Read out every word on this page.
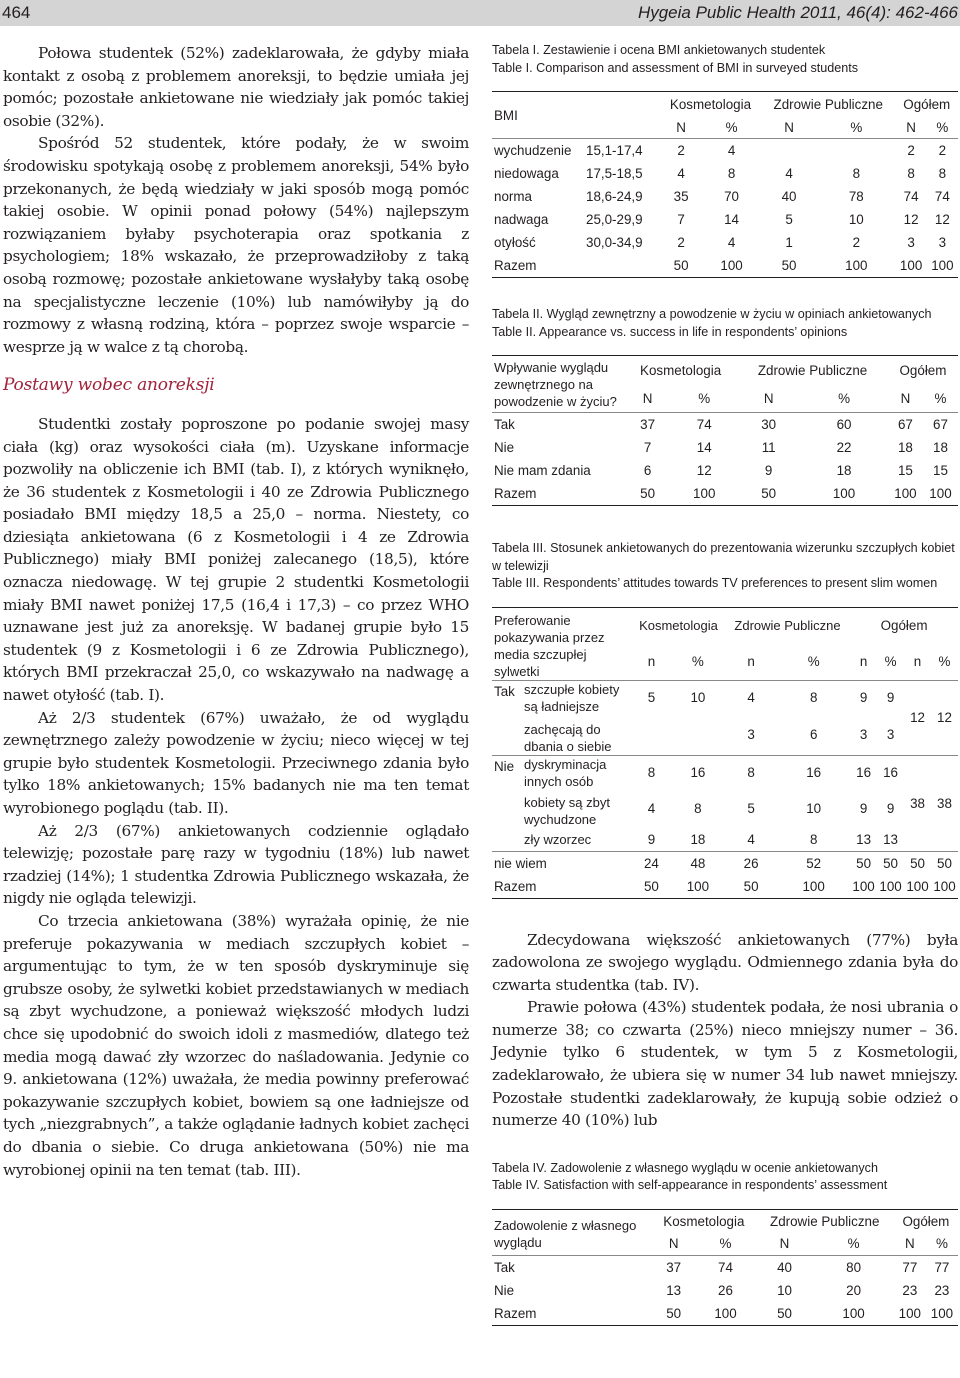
464	Hygeia Public Health 2011, 46(4): 462-466

Połowa studentek (52%) zadeklarowała, że gdyby miała kontakt z osobą z problemem anoreksji, to będzie umiała jej pomóc; pozostałe ankietowane nie wiedziały jak pomóc takiej osobie (32%).

Spośród 52 studentek, które podały, że w swoim środowisku spotykają osobę z problemem anoreksji, 54% było przekonanych, że będą wiedziały w jaki sposób mogą pomóc takiej osobie. W opinii ponad połowy (54%) najlepszym rozwiązaniem byłaby psychoterapia oraz spotkania z psychologiem; 18% wskazało, że przeprowadziłoby z taką osobą rozmowę; pozostałe ankietowane wysłałyby taką osobę na specjalistyczne leczenie (10%) lub namówiłyby ją do rozmowy z własną rodziną, która – poprzez swoje wsparcie – wesprze ją w walce z tą chorobą.

Postawy wobec anoreksji

Studentki zostały poproszone po podanie swojej masy ciała (kg) oraz wysokości ciała (m). Uzyskane informacje pozwoliły na obliczenie ich BMI (tab. I), z których wyniknęło, że 36 studentek z Kosmetologii i 40 ze Zdrowia Publicznego posiadało BMI między 18,5 a 25,0 – norma. Niestety, co dziesiąta ankietowana (6 z Kosmetologii i 4 ze Zdrowia Publicznego) miały BMI poniżej zalecanego (18,5), które oznacza niedowagę. W tej grupie 2 studentki Kosmetologii miały BMI nawet poniżej 17,5 (16,4 i 17,3) – co przez WHO uznawane jest już za anoreksję. W badanej grupie było 15 studentek (9 z Kosmetologii i 6 ze Zdrowia Publicznego), których BMI przekraczał 25,0, co wskazywało na nadwagę a nawet otyłość (tab. I).

Aż 2/3 studentek (67%) uważało, że od wyglądu zewnętrznego zależy powodzenie w życiu; nieco więcej w tej grupie było studentek Kosmetologii. Przeciwnego zdania było tylko 18% ankietowanych; 15% badanych nie ma ten temat wyrobionego poglądu (tab. II).

Aż 2/3 (67%) ankietowanych codziennie oglądało telewizję; pozostałe parę razy w tygodniu (18%) lub nawet rzadziej (14%); 1 studentka Zdrowia Publicznego wskazała, że nigdy nie ogląda telewizji.

Co trzecia ankietowana (38%) wyrażała opinię, że nie preferuje pokazywania w mediach szczupłych kobiet – argumentując to tym, że w ten sposób dyskryminuje się grubsze osoby, że sylwetki kobiet przedstawianych w mediach są zbyt wychudzone, a ponieważ większość młodych ludzi chce się upodobnić do swoich idoli z masmediów, dlatego też media mogą dawać zły wzorzec do naśladowania. Jedynie co 9. ankietowana (12%) uważała, że media powinny preferować pokazywanie szczupłych kobiet, bowiem są one ładniejsze od tych „niezgrabnych”, a także oglądanie ładnych kobiet zachęci do dbania o siebie. Co druga ankietowana (50%) nie ma wyrobionej opinii na ten temat (tab. III).

Tabela I. Zestawienie i ocena BMI ankietowanych studentek
Table I. Comparison and assessment of BMI in surveyed students
BMI		Kosmetologia		Zdrowie Publiczne		Ogółem	
		N	%	N	%	N	%
wychudzenie	15,1-17,4	2	4			2	2
niedowaga	17,5-18,5	4	8	4	8	8	8
norma	18,6-24,9	35	70	40	78	74	74
nadwaga	25,0-29,9	7	14	5	10	12	12
otyłość	30,0-34,9	2	4	1	2	3	3
Razem		50	100	50	100	100	100
Tabela II. Wygląd zewnętrzny a powodzenie w życiu w opiniach ankietowanych
Table II. Appearance vs. success in life in respondents’ opinions
Wpływanie wyglądu zewnętrznego na powodzenie w życiu?	Kosmetologia		Zdrowie Publiczne		Ogółem	
	N	%	N	%	N	%
Tak	37	74	30	60	67	67
Nie	7	14	11	22	18	18
Nie mam zdania	6	12	9	18	15	15
Razem	50	100	50	100	100	100
Tabela III. Stosunek ankietowanych do prezentowania wizerunku szczupłych kobiet w telewizji
Table III. Respondents’ attitudes towards TV preferences to present slim women
Preferowanie pokazywania przez media szczupłej sylwetki		Kosmetologia		Zdrowie Publiczne		Ogółem			
		n	%	n	%	n	%	n	%
Tak	szczupłe kobiety są ładniejsze	5	10	4	8	9	9	12	12
	zachęcają do dbania o siebie			3	6	3	3		
Nie	dyskryminacja innych osób	8	16	8	16	16	16	38	38
	kobiety są zbyt wychudzone	4	8	5	10	9	9		
	zły wzorzec	9	18	4	8	13	13		
nie wiem		24	48	26	52	50	50	50	50
Razem		50	100	50	100	100	100	100	100

Zdecydowana większość ankietowanych (77%) była zadowolona ze swojego wyglądu. Odmiennego zdania była do czwarta studentka (tab. IV).

Prawie połowa (43%) studentek podała, że nosi ubrania o numerze 38; co czwarta (25%) nieco mniejszy numer – 36. Jedynie tylko 6 studentek, w tym 5 z Kosmetologii, zadeklarowało, że ubiera się w numer 34 lub nawet mniejszy. Pozostałe studentki zadeklarowały, że kupują sobie odzież o numerze 40 (10%) lub

Tabela IV. Zadowolenie z własnego wyglądu w ocenie ankietowanych
Table IV. Satisfaction with self-appearance in respondents’ assessment
Zadowolenie z własnego wyglądu	Kosmetologia		Zdrowie Publiczne		Ogółem	
	N	%	N	%	N	%
Tak	37	74	40	80	77	77
Nie	13	26	10	20	23	23
Razem	50	100	50	100	100	100
